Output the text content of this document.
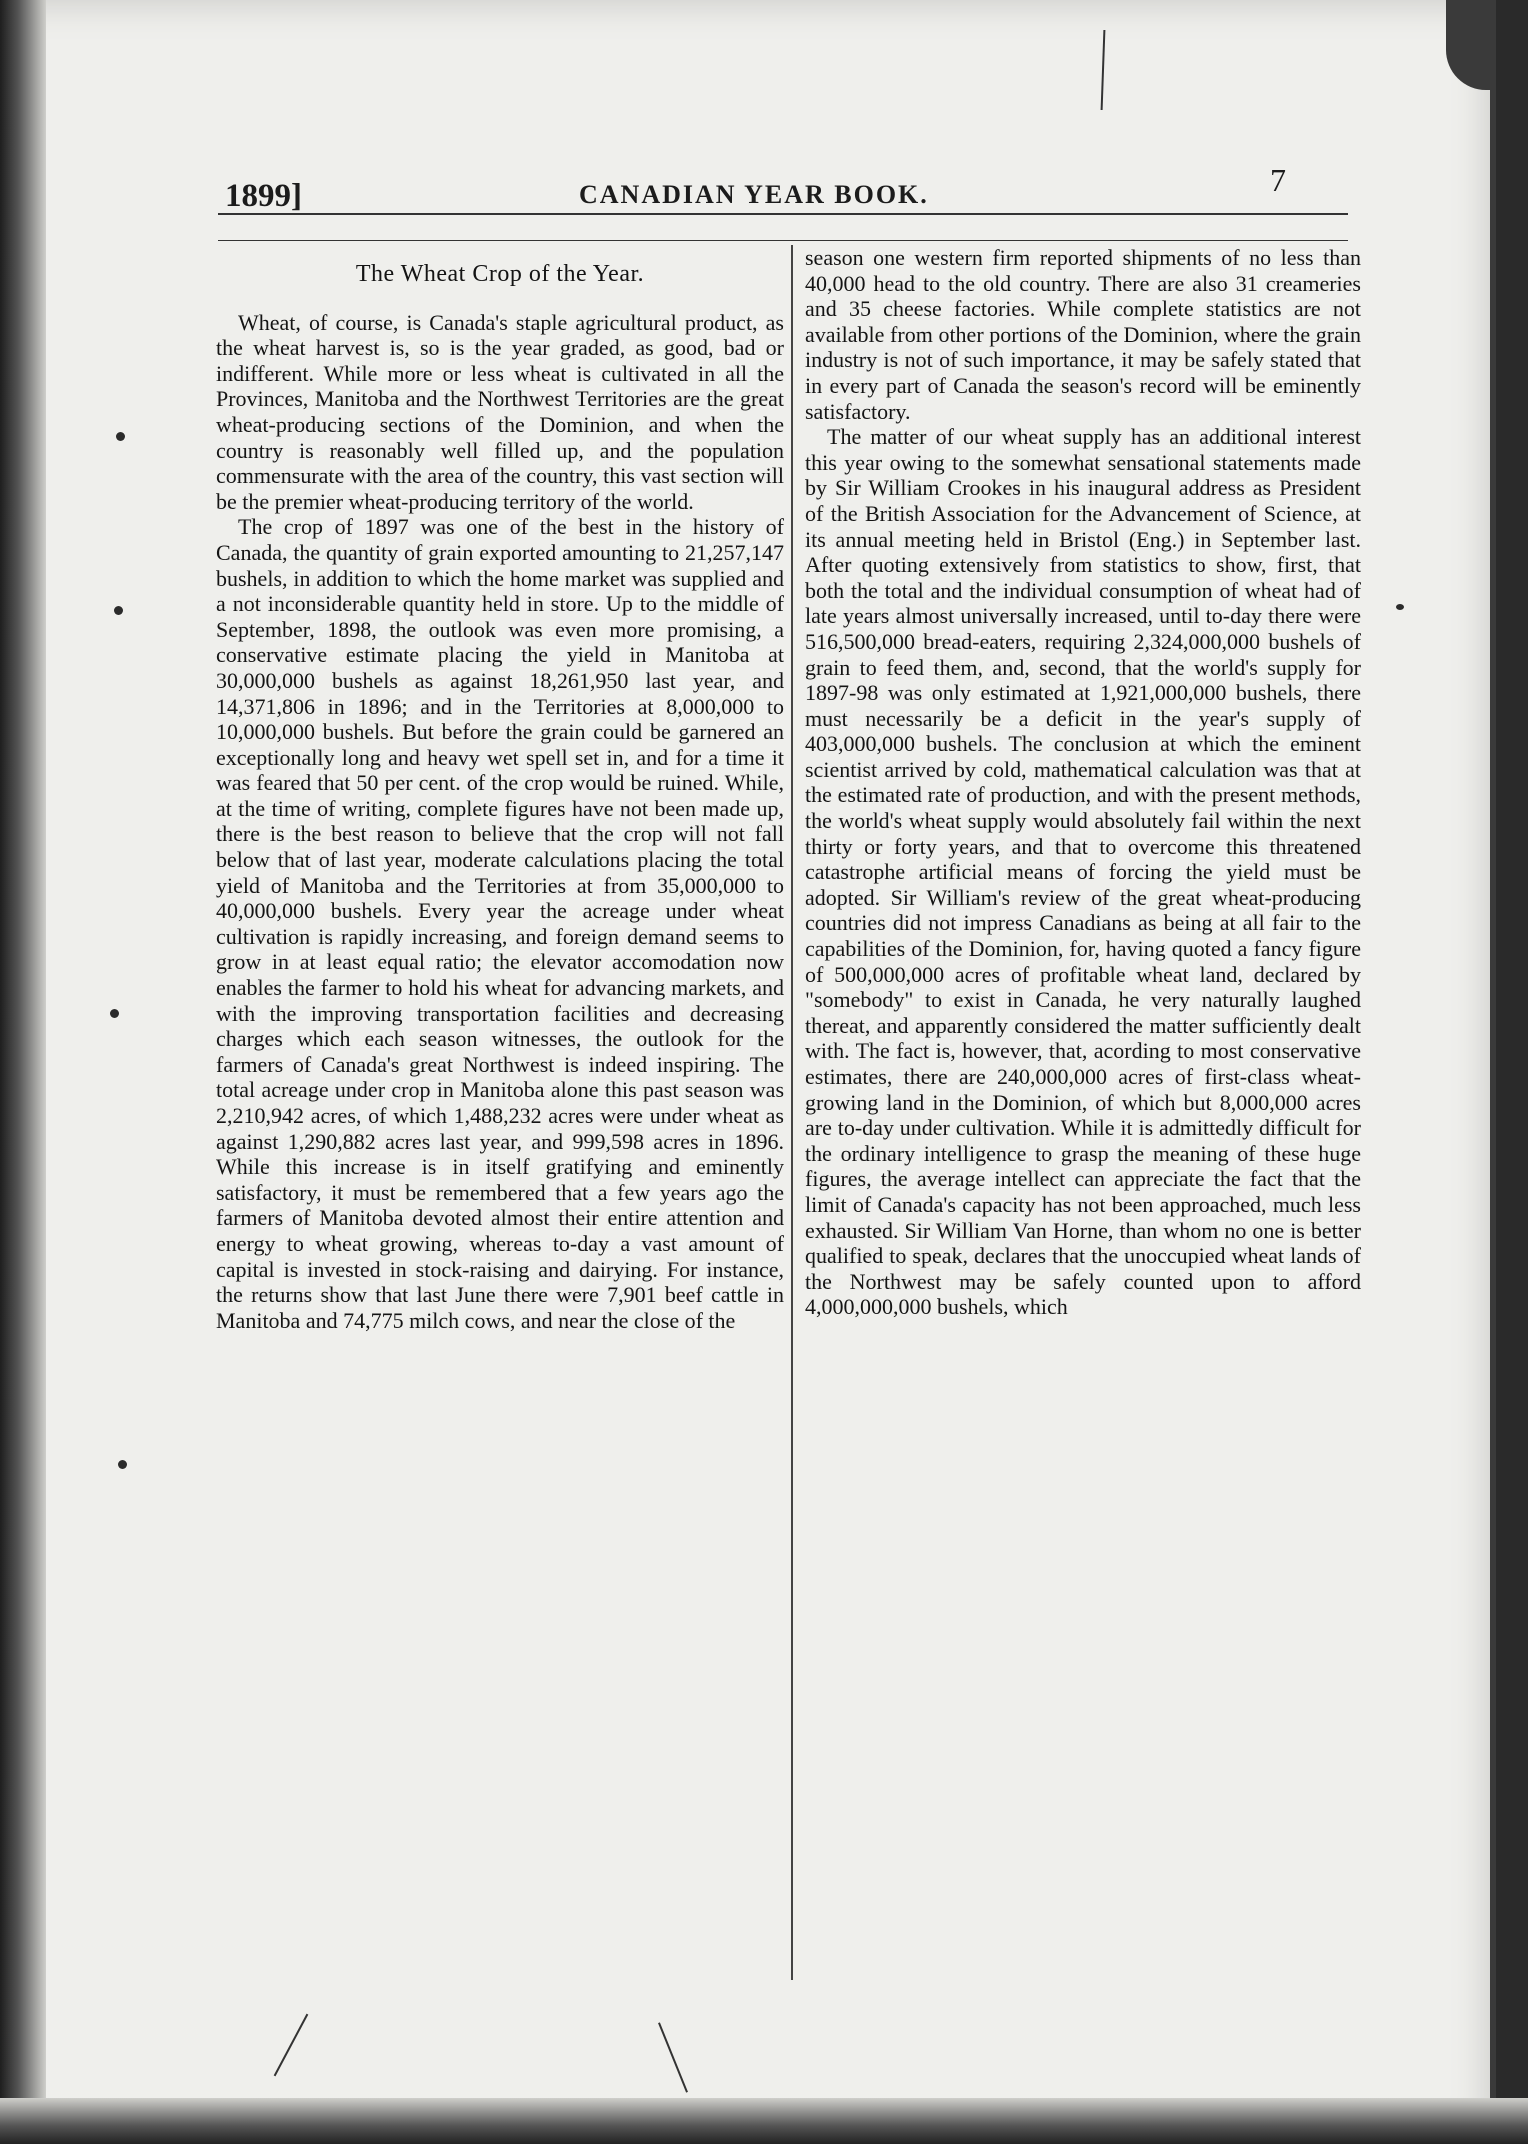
1899]	CANADIAN YEAR BOOK.	7
The Wheat Crop of the Year.

Wheat, of course, is Canada's staple agricultural product, as the wheat harvest is, so is the year graded, as good, bad or indifferent. While more or less wheat is cultivated in all the Provinces, Manitoba and the Northwest Territories are the great wheat-producing sections of the Dominion, and when the country is reasonably well filled up, and the population commensurate with the area of the country, this vast section will be the premier wheat-producing territory of the world.

The crop of 1897 was one of the best in the history of Canada, the quantity of grain exported amounting to 21,257,147 bushels, in addition to which the home market was supplied and a not inconsiderable quantity held in store. Up to the middle of September, 1898, the outlook was even more promising, a conservative estimate placing the yield in Manitoba at 30,000,000 bushels as against 18,261,950 last year, and 14,371,806 in 1896; and in the Territories at 8,000,000 to 10,000,000 bushels. But before the grain could be garnered an exceptionally long and heavy wet spell set in, and for a time it was feared that 50 per cent. of the crop would be ruined. While, at the time of writing, complete figures have not been made up, there is the best reason to believe that the crop will not fall below that of last year, moderate calculations placing the total yield of Manitoba and the Territories at from 35,000,000 to 40,000,000 bushels. Every year the acreage under wheat cultivation is rapidly increasing, and foreign demand seems to grow in at least equal ratio; the elevator accomodation now enables the farmer to hold his wheat for advancing markets, and with the improving transportation facilities and decreasing charges which each season witnesses, the outlook for the farmers of Canada's great Northwest is indeed inspiring. The total acreage under crop in Manitoba alone this past season was 2,210,942 acres, of which 1,488,232 acres were under wheat as against 1,290,882 acres last year, and 999,598 acres in 1896. While this increase is in itself gratifying and eminently satisfactory, it must be remembered that a few years ago the farmers of Manitoba devoted almost their entire attention and energy to wheat growing, whereas to-day a vast amount of capital is invested in stock-raising and dairying. For instance, the returns show that last June there were 7,901 beef cattle in Manitoba and 74,775 milch cows, and near the close of the

season one western firm reported shipments of no less than 40,000 head to the old country. There are also 31 creameries and 35 cheese factories. While complete statistics are not available from other portions of the Dominion, where the grain industry is not of such importance, it may be safely stated that in every part of Canada the season's record will be eminently satisfactory.

The matter of our wheat supply has an additional interest this year owing to the somewhat sensational statements made by Sir William Crookes in his inaugural address as President of the British Association for the Advancement of Science, at its annual meeting held in Bristol (Eng.) in September last. After quoting extensively from statistics to show, first, that both the total and the individual consumption of wheat had of late years almost universally increased, until to-day there were 516,500,000 bread-eaters, requiring 2,324,000,000 bushels of grain to feed them, and, second, that the world's supply for 1897-98 was only estimated at 1,921,000,000 bushels, there must necessarily be a deficit in the year's supply of 403,000,000 bushels. The conclusion at which the eminent scientist arrived by cold, mathematical calculation was that at the estimated rate of production, and with the present methods, the world's wheat supply would absolutely fail within the next thirty or forty years, and that to overcome this threatened catastrophe artificial means of forcing the yield must be adopted. Sir William's review of the great wheat-producing countries did not impress Canadians as being at all fair to the capabilities of the Dominion, for, having quoted a fancy figure of 500,000,000 acres of profitable wheat land, declared by "somebody" to exist in Canada, he very naturally laughed thereat, and apparently considered the matter sufficiently dealt with. The fact is, however, that, acording to most conservative estimates, there are 240,000,000 acres of first-class wheat-growing land in the Dominion, of which but 8,000,000 acres are to-day under cultivation. While it is admittedly difficult for the ordinary intelligence to grasp the meaning of these huge figures, the average intellect can appreciate the fact that the limit of Canada's capacity has not been approached, much less exhausted. Sir William Van Horne, than whom no one is better qualified to speak, declares that the unoccupied wheat lands of the Northwest may be safely counted upon to afford 4,000,000,000 bushels, which
